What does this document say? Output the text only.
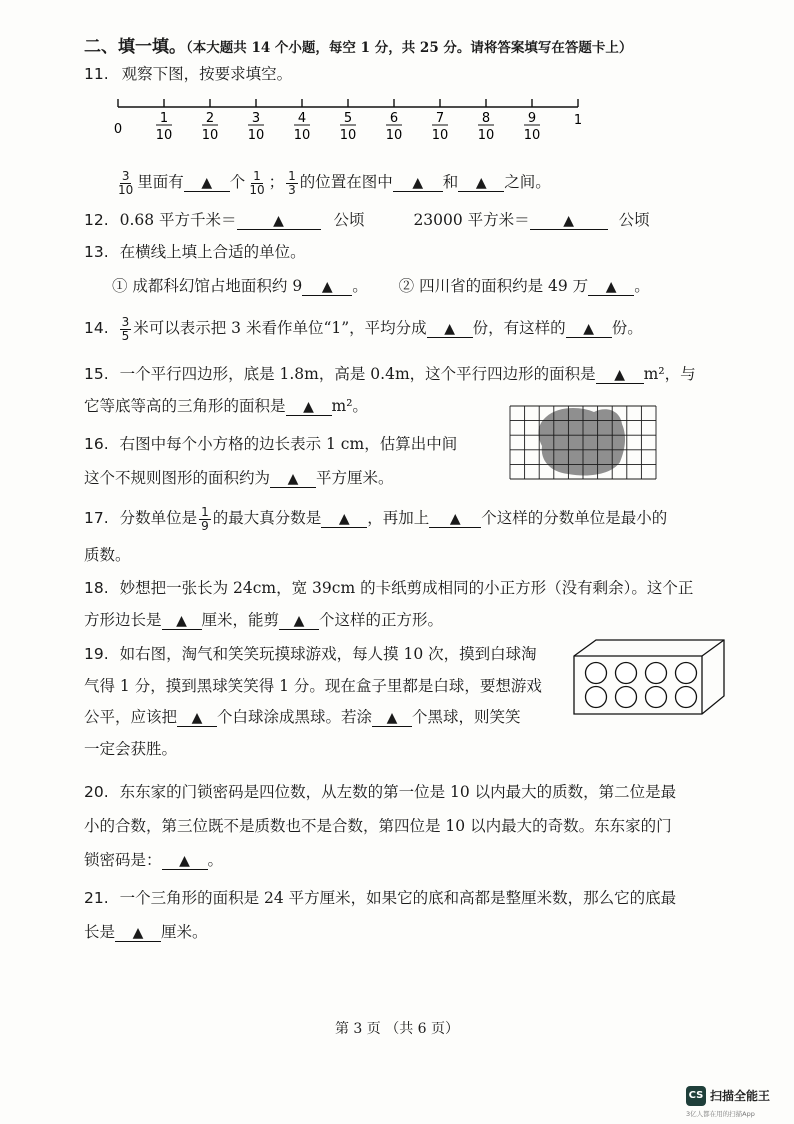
二、填一填。（本大题共 14 个小题，每空 1 分，共 25 分。请将答案填写在答题卡上）
11. 观察下图，按要求填空。
0
1
1
10
2
10
3
10
4
10
5
10
6
10
7
10
8
10
9
10
$\frac{3}{10}$ 里面有 ▲ 个 $\frac{1}{10}$ ； $\frac{1}{3}$ 的位置在图中 ▲ 和 ▲ 之间。
12. 0.68 平方千米＝	▲	公顷	23000 平方米＝ ▲	公顷
13. 在横线上填上合适的单位。
① 成都科幻馆占地面积约 9 ▲ 。 ② 四川省的面积约是 49 万 ▲ 。
14. $\frac{3}{5}$ 米可以表示把 3 米看作单位“1”，平均分成 ▲ 份，有这样的 ▲ 份。
15. 一个平行四边形，底是 1.8m，高是 0.4m，这个平行四边形的面积是 ▲ m²，与
它等底等高的三角形的面积是 ▲ m²。
16. 右图中每个小方格的边长表示 1 cm，估算出中间
这个不规则图形的面积约为 ▲ 平方厘米。
17. 分数单位是 $\frac{1}{9}$ 的最大真分数是 ▲ ，再加上 ▲ 个这样的分数单位是最小的
质数。
18. 妙想把一张长为 24cm，宽 39cm 的卡纸剪成相同的小正方形（没有剩余）。这个正
方形边长是 ▲ 厘米，能剪 ▲ 个这样的正方形。
19. 如右图，淘气和笑笑玩摸球游戏，每人摸 10 次，摸到白球淘
气得 1 分，摸到黑球笑笑得 1 分。现在盒子里都是白球，要想游戏
公平，应该把 ▲ 个白球涂成黑球。若涂 ▲ 个黑球，则笑笑
一定会获胜。
20. 东东家的门锁密码是四位数，从左数的第一位是 10 以内最大的质数，第二位是最
小的合数，第三位既不是质数也不是合数，第四位是 10 以内最大的奇数。东东家的门
锁密码是： ▲ 。
21. 一个三角形的面积是 24 平方厘米，如果它的底和高都是整厘米数，那么它的底最
长是 ▲ 厘米。
第 3 页 （共 6 页）
CS 扫描全能王
3亿人都在用的扫描App
